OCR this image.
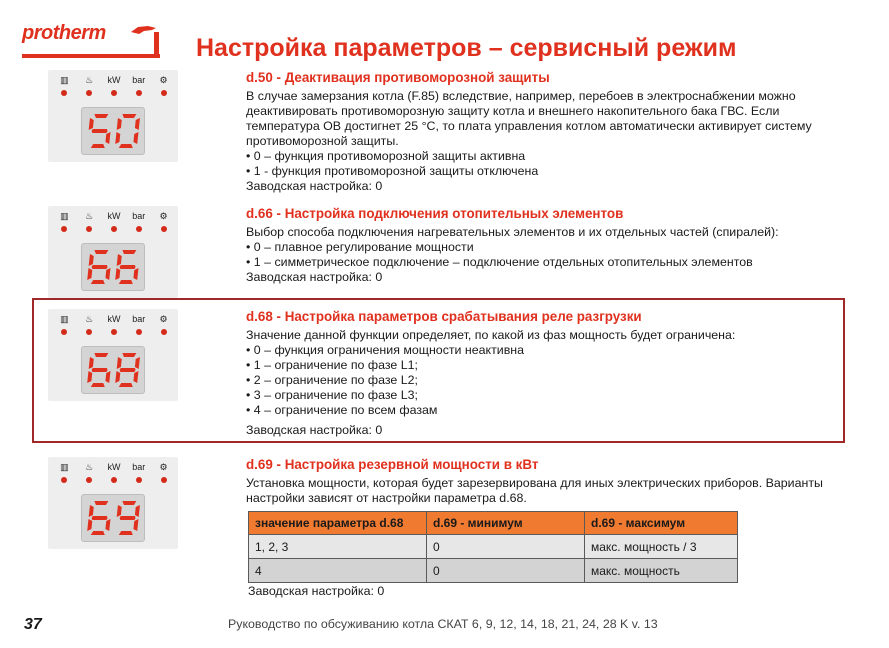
protherm
Настройка параметров – сервисный режим
▥	♨	kW	bar	⚙
▥	♨	kW	bar	⚙
▥	♨	kW	bar	⚙
▥	♨	kW	bar	⚙
d.50 - Деактивация противоморозной защиты

В случае замерзания котла (F.85) вследствие, например, перебоев в электроснабжении можно деактивировать противоморозную защиту котла и внешнего накопительного бака ГВС. Если температура ОВ достигнет 25 °С, то плата управления котлом автоматически активирует систему противоморозной защиты.

• 0 – функция противоморозной защиты активна

• 1 - функция противоморозной защиты отключена

Заводская настройка: 0

d.66 - Настройка подключения отопительных элементов

Выбор способа подключения нагревательных элементов и их отдельных частей (спиралей):

• 0 – плавное регулирование мощности

• 1 – симметрическое подключение – подключение отдельных отопительных элементов

Заводская настройка: 0

d.68 - Настройка параметров срабатывания реле разгрузки

Значение данной функции определяет, по какой из фаз мощность будет ограничена:

• 0 – функция ограничения мощности неактивна

• 1 – ограничение по фазе L1;

• 2 – ограничение по фазе L2;

• 3 – ограничение по фазе L3;

• 4 – ограничение по всем фазам

Заводская настройка: 0

d.69 - Настройка резервной мощности в кВт

Установка мощности, которая будет зарезервирована для иных электрических приборов. Варианты настройки зависят от настройки параметра d.68.

значение параметра d.68	d.69 - минимум	d.69 - максимум
1, 2, 3	0	макс. мощность / 3
4	0	макс. мощность
Заводская настройка: 0
37	Руководство по обсуживанию котла СКАТ 6, 9, 12, 14, 18, 21, 24, 28 K v. 13
